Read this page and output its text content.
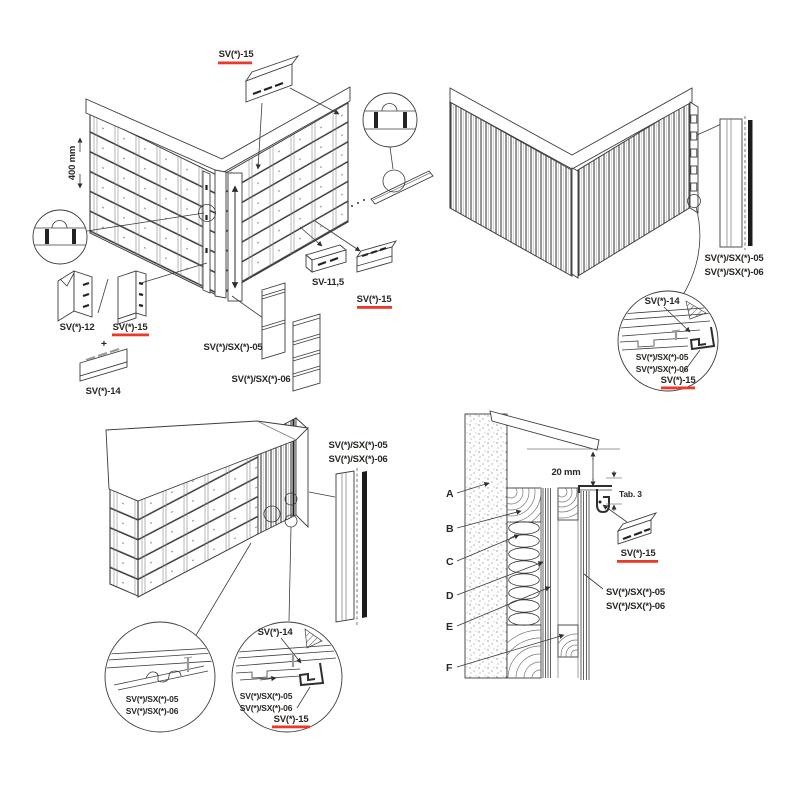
400 mm
SV(*)-15
SV(*)-12 SV(*)-15
+
SV(*)-14
SV(*)/SX(*)-05
SV(*)/SX(*)-06
SV-11,5
SV(*)-15
SV(*)/SX(*)-05
SV(*)/SX(*)-06
SV(*)-14
SV(*)/SX(*)-05
SV(*)/SX(*)-06
SV(*)-15
SV(*)/SX(*)-05
SV(*)/SX(*)-06
SV(*)/SX(*)-05
SV(*)/SX(*)-06
SV(*)-14
SV(*)/SX(*)-05
SV(*)/SX(*)-06
SV(*)-15
20 mm
Tab. 3
SV(*)-15
SV(*)/SX(*)-05
SV(*)/SX(*)-06
A
B
C
D
E
F
